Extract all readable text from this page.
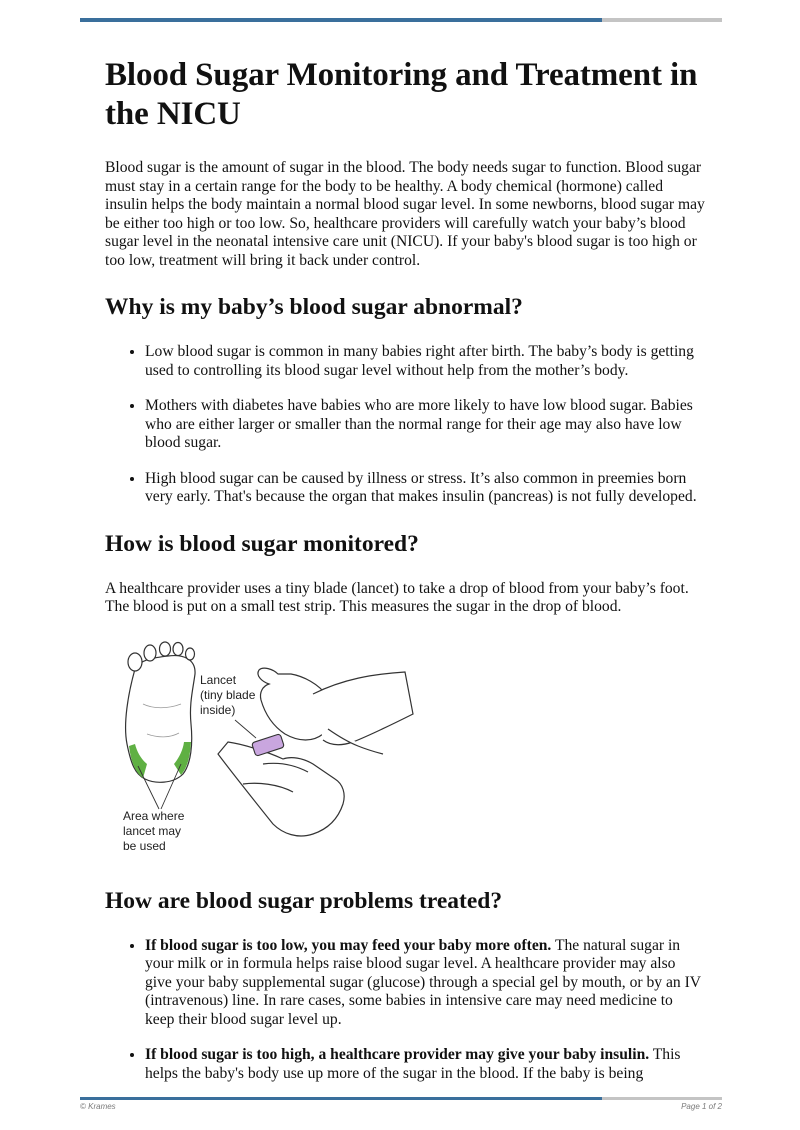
Blood Sugar Monitoring and Treatment in the NICU

Blood sugar is the amount of sugar in the blood. The body needs sugar to function. Blood sugar must stay in a certain range for the body to be healthy. A body chemical (hormone) called insulin helps the body maintain a normal blood sugar level. In some newborns, blood sugar may be either too high or too low. So, healthcare providers will carefully watch your baby’s blood sugar level in the neonatal intensive care unit (NICU). If your baby's blood sugar is too high or too low, treatment will bring it back under control.

Why is my baby’s blood sugar abnormal?
• Low blood sugar is common in many babies right after birth. The baby’s body is getting used to controlling its blood sugar level without help from the mother’s body.
• Mothers with diabetes have babies who are more likely to have low blood sugar. Babies who are either larger or smaller than the normal range for their age may also have low blood sugar.
• High blood sugar can be caused by illness or stress. It’s also common in preemies born very early. That's because the organ that makes insulin (pancreas) is not fully developed.
How is blood sugar monitored?

A healthcare provider uses a tiny blade (lancet) to take a drop of blood from your baby’s foot. The blood is put on a small test strip. This measures the sugar in the drop of blood.

Lancet
(tiny blade
inside)
Area where
lancet may
be used
How are blood sugar problems treated?
• If blood sugar is too low, you may feed your baby more often. The natural sugar in your milk or in formula helps raise blood sugar level. A healthcare provider may also give your baby supplemental sugar (glucose) through a special gel by mouth, or by an IV (intravenous) line. In rare cases, some babies in intensive care may need medicine to keep their blood sugar level up.
• If blood sugar is too high, a healthcare provider may give your baby insulin. This helps the baby's body use up more of the sugar in the blood. If the baby is being
© Krames	Page 1 of 2
